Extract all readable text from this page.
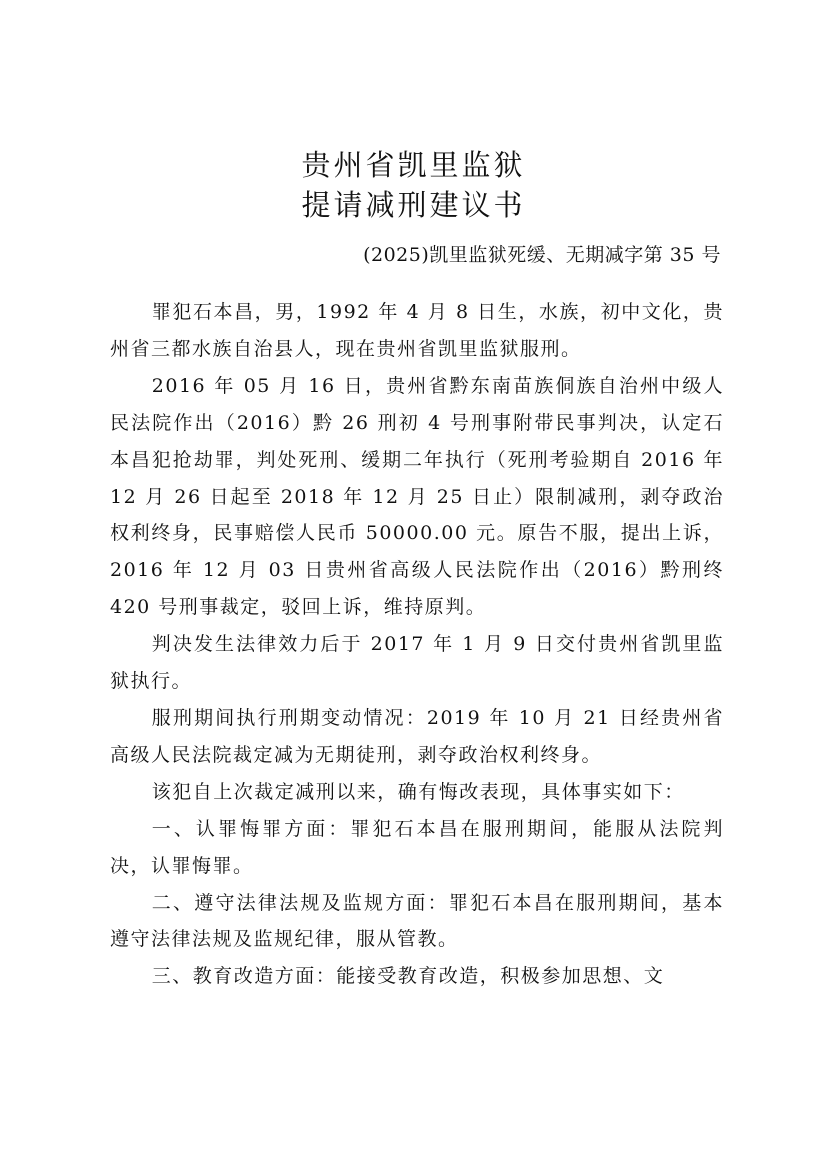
贵州省凯里监狱
提请减刑建议书

(2025)凯里监狱死缓、无期减字第 35 号

罪犯石本昌，男，1992 年 4 月 8 日生，水族，初中文化，贵州省三都水族自治县人，现在贵州省凯里监狱服刑。

2016 年 05 月 16 日，贵州省黔东南苗族侗族自治州中级人民法院作出（2016）黔 26 刑初 4 号刑事附带民事判决，认定石本昌犯抢劫罪，判处死刑、缓期二年执行（死刑考验期自 2016 年 12 月 26 日起至 2018 年 12 月 25 日止）限制减刑，剥夺政治权利终身，民事赔偿人民币 50000.00 元。原告不服，提出上诉，2016 年 12 月 03 日贵州省高级人民法院作出（2016）黔刑终 420 号刑事裁定，驳回上诉，维持原判。

判决发生法律效力后于 2017 年 1 月 9 日交付贵州省凯里监狱执行。

服刑期间执行刑期变动情况：2019 年 10 月 21 日经贵州省高级人民法院裁定减为无期徒刑，剥夺政治权利终身。

该犯自上次裁定减刑以来，确有悔改表现，具体事实如下：

一、认罪悔罪方面：罪犯石本昌在服刑期间，能服从法院判决，认罪悔罪。

二、遵守法律法规及监规方面：罪犯石本昌在服刑期间，基本遵守法律法规及监规纪律，服从管教。

三、教育改造方面：能接受教育改造，积极参加思想、文
